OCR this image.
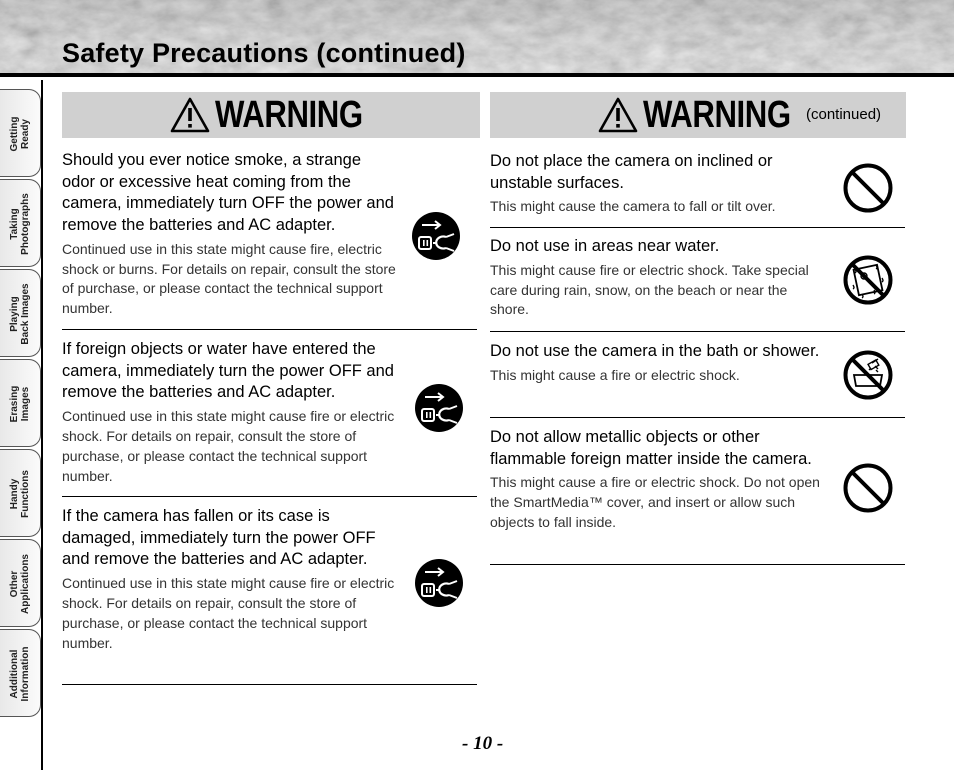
Safety Precautions (continued)
Getting
Ready
Taking
Photographs
Playing
Back Images
Erasing
Images
Handy
Functions
Other
Applications
Additional
Information
WARNING	WARNING (continued)
Should you ever notice smoke, a strange odor or excessive heat coming from the camera, immediately turn OFF the power and remove the batteries and AC adapter.
Continued use in this state might cause fire, electric shock or burns. For details on repair, consult the store of purchase, or please contact the technical support number.
If foreign objects or water have entered the camera, immediately turn the power OFF and remove the batteries and AC adapter.
Continued use in this state might cause fire or electric shock. For details on repair, consult the store of purchase, or please contact the technical support number.
If the camera has fallen or its case is damaged, immediately turn the power OFF and remove the batteries and AC adapter.
Continued use in this state might cause fire or electric shock. For details on repair, consult the store of purchase, or please contact the technical support number.
Do not place the camera on inclined or unstable surfaces.
This might cause the camera to fall or tilt over.
Do not use in areas near water.
This might cause fire or electric shock. Take special care during rain, snow, on the beach or near the shore.
Do not use the camera in the bath or shower.
This might cause a fire or electric shock.
Do not allow metallic objects or other flammable foreign matter inside the camera.
This might cause a fire or electric shock. Do not open the SmartMedia™ cover, and insert or allow such objects to fall inside.
- 10 -
